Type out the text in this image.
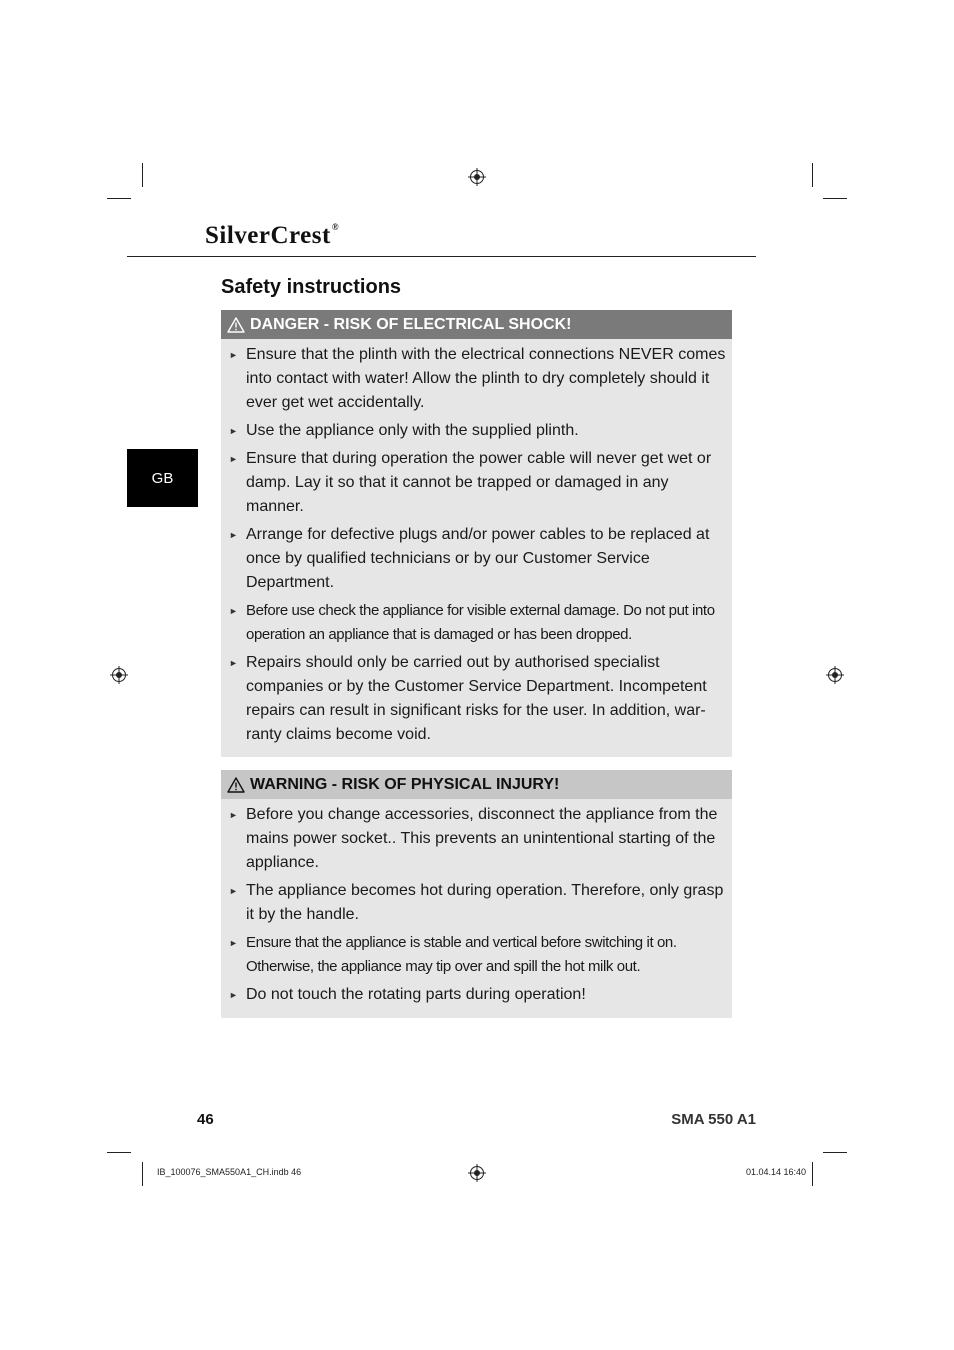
SilverCrest®
Safety instructions
GB
DANGER - RISK OF ELECTRICAL SHOCK!
► Ensure that the plinth with the electrical connections NEVER comes into contact with water! Allow the plinth to dry completely should it ever get wet accidentally.
► Use the appliance only with the supplied plinth.
► Ensure that during operation the power cable will never get wet or damp. Lay it so that it cannot be trapped or damaged in any manner.
► Arrange for defective plugs and/or power cables to be replaced at once by qualified technicians or by our Customer Service Department.
► Before use check the appliance for visible external damage. Do not put into operation an appliance that is damaged or has been dropped.
► Repairs should only be carried out by authorised specialist companies or by the Customer Service Department. Incompetent repairs can result in significant risks for the user. In addition, war-ranty claims become void.
WARNING - RISK OF PHYSICAL INJURY!
► Before you change accessories, disconnect the appliance from the mains power socket.. This prevents an unintentional starting of the appliance.
► The appliance becomes hot during operation. Therefore, only grasp it by the handle.
► Ensure that the appliance is stable and vertical before switching it on. Otherwise, the appliance may tip over and spill the hot milk out.
► Do not touch the rotating parts during operation!
46	SMA 550 A1
IB_100076_SMA550A1_CH.indb 46	01.04.14 16:40
